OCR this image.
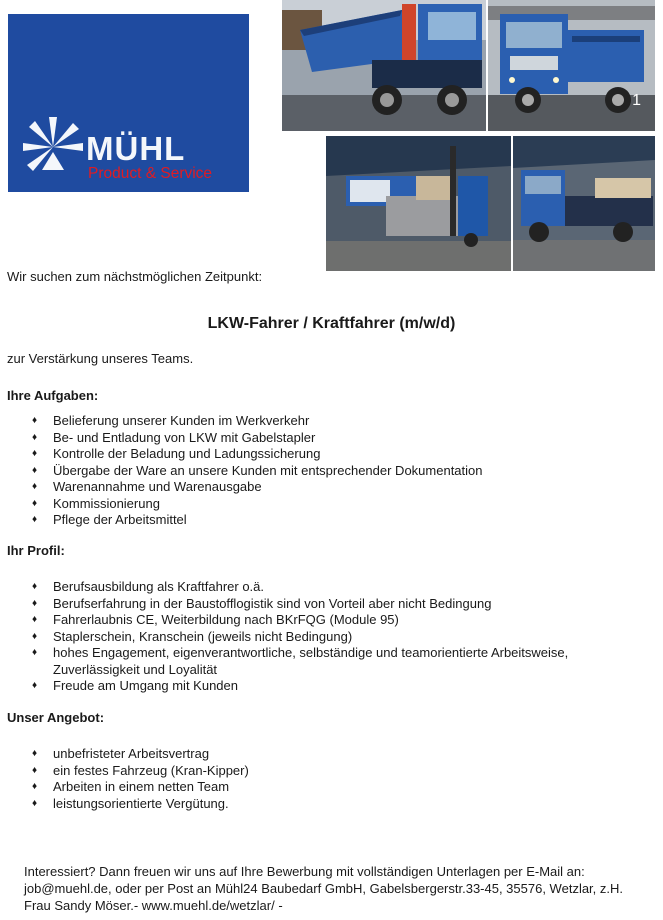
MÜHL
Product & Service
1
Wir suchen zum nächstmöglichen Zeitpunkt:
LKW-Fahrer / Kraftfahrer (m/w/d)
zur Verstärkung unseres Teams.
Ihre Aufgaben:
♦ Belieferung unserer Kunden im Werkverkehr
♦ Be- und Entladung von LKW mit Gabelstapler
♦ Kontrolle der Beladung und Ladungssicherung
♦ Übergabe der Ware an unsere Kunden mit entsprechender Dokumentation
♦ Warenannahme und Warenausgabe
♦ Kommissionierung
♦ Pflege der Arbeitsmittel
Ihr Profil:
♦ Berufsausbildung als Kraftfahrer o.ä.
♦ Berufserfahrung in der Baustofflogistik sind von Vorteil aber nicht Bedingung
♦ Fahrerlaubnis CE, Weiterbildung nach BKrFQG (Module 95)
♦ Staplerschein, Kranschein (jeweils nicht Bedingung)
♦ hohes Engagement, eigenverantwortliche, selbständige und teamorientierte Arbeitsweise, Zuverlässigkeit und Loyalität
♦ Freude am Umgang mit Kunden
Unser Angebot:
♦ unbefristeter Arbeitsvertrag
♦ ein festes Fahrzeug (Kran-Kipper)
♦ Arbeiten in einem netten Team
♦ leistungsorientierte Vergütung.
Interessiert? Dann freuen wir uns auf Ihre Bewerbung mit vollständigen Unterlagen per E-Mail an: job@muehl.de, oder per Post an Mühl24 Baubedarf GmbH, Gabelsbergerstr.33-45, 35576, Wetzlar, z.H. Frau Sandy Möser.- www.muehl.de/wetzlar/ -
